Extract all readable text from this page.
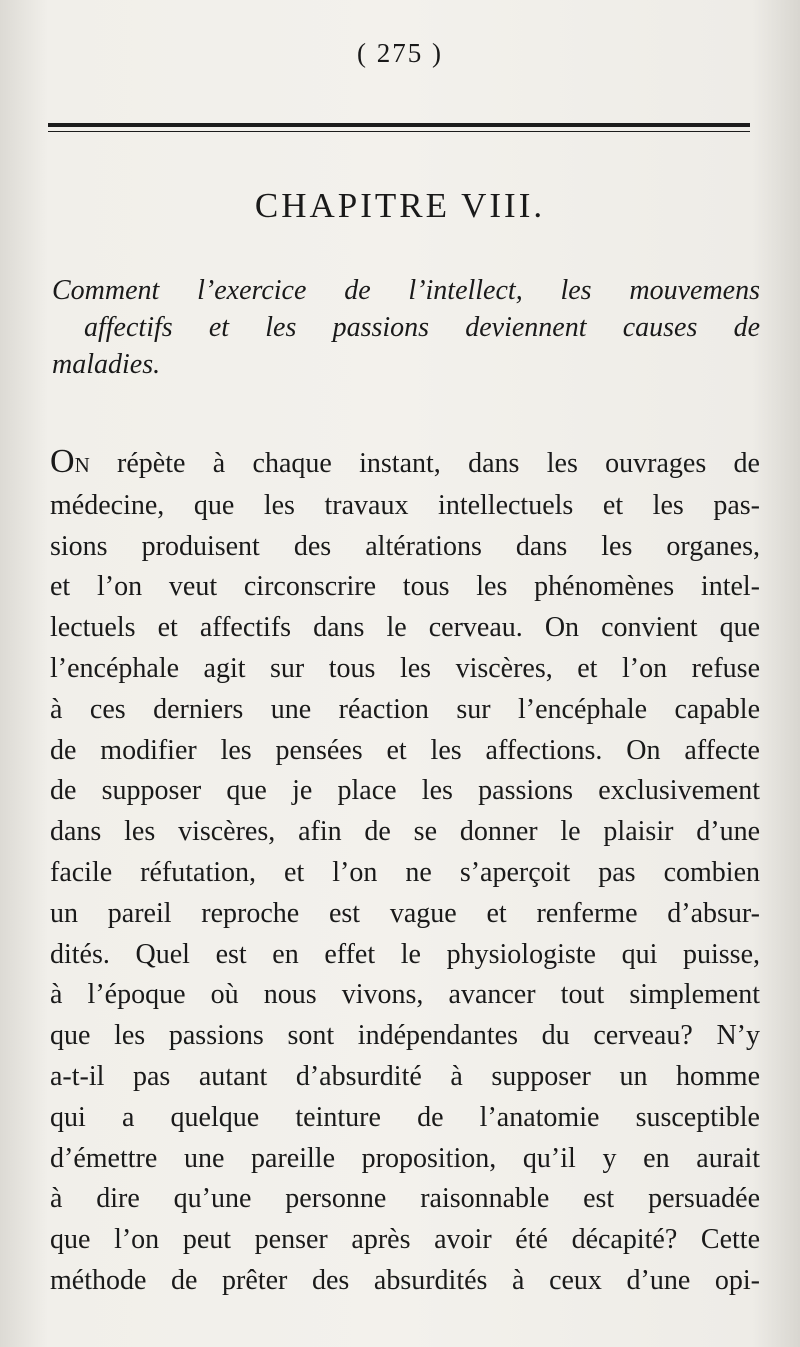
( 275 )
CHAPITRE VIII.
Comment l’exercice de l’intellect, les mouvemens
affectifs et les passions deviennent causes de
maladies.
ON répète à chaque instant, dans les ouvrages de
médecine, que les travaux intellectuels et les pas-
sions produisent des altérations dans les organes,
et l’on veut circonscrire tous les phénomènes intel-
lectuels et affectifs dans le cerveau. On convient que
l’encéphale agit sur tous les viscères, et l’on refuse
à ces derniers une réaction sur l’encéphale capable
de modifier les pensées et les affections. On affecte
de supposer que je place les passions exclusivement
dans les viscères, afin de se donner le plaisir d’une
facile réfutation, et l’on ne s’aperçoit pas combien
un pareil reproche est vague et renferme d’absur-
dités. Quel est en effet le physiologiste qui puisse,
à l’époque où nous vivons, avancer tout simplement
que les passions sont indépendantes du cerveau? N’y
a-t-il pas autant d’absurdité à supposer un homme
qui a quelque teinture de l’anatomie susceptible
d’émettre une pareille proposition, qu’il y en aurait
à dire qu’une personne raisonnable est persuadée
que l’on peut penser après avoir été décapité? Cette
méthode de prêter des absurdités à ceux d’une opi-
